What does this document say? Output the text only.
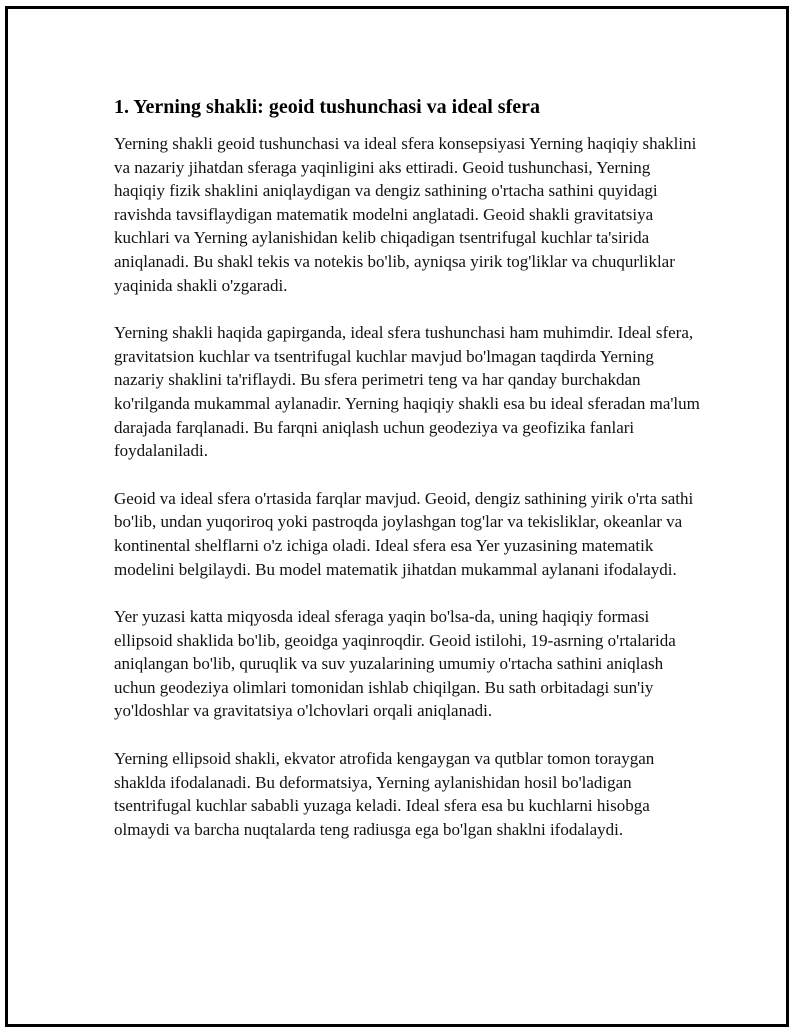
1. Yerning shakli: geoid tushunchasi va ideal sfera

Yerning shakli geoid tushunchasi va ideal sfera konsepsiyasi Yerning haqiqiy shaklini va nazariy jihatdan sferaga yaqinligini aks ettiradi. Geoid tushunchasi, Yerning haqiqiy fizik shaklini aniqlaydigan va dengiz sathining o'rtacha sathini quyidagi ravishda tavsiflaydigan matematik modelni anglatadi. Geoid shakli gravitatsiya kuchlari va Yerning aylanishidan kelib chiqadigan tsentrifugal kuchlar ta'sirida aniqlanadi. Bu shakl tekis va notekis bo'lib, ayniqsa yirik tog'liklar va chuqurliklar yaqinida shakli o'zgaradi.

Yerning shakli haqida gapirganda, ideal sfera tushunchasi ham muhimdir. Ideal sfera, gravitatsion kuchlar va tsentrifugal kuchlar mavjud bo'lmagan taqdirda Yerning nazariy shaklini ta'riflaydi. Bu sfera perimetri teng va har qanday burchakdan ko'rilganda mukammal aylanadir. Yerning haqiqiy shakli esa bu ideal sferadan ma'lum darajada farqlanadi. Bu farqni aniqlash uchun geodeziya va geofizika fanlari foydalaniladi.

Geoid va ideal sfera o'rtasida farqlar mavjud. Geoid, dengiz sathining yirik o'rta sathi bo'lib, undan yuqoriroq yoki pastroqda joylashgan tog'lar va tekisliklar, okeanlar va kontinental shelflarni o'z ichiga oladi. Ideal sfera esa Yer yuzasining matematik modelini belgilaydi. Bu model matematik jihatdan mukammal aylanani ifodalaydi.

Yer yuzasi katta miqyosda ideal sferaga yaqin bo'lsa-da, uning haqiqiy formasi ellipsoid shaklida bo'lib, geoidga yaqinroqdir. Geoid istilohi, 19-asrning o'rtalarida aniqlangan bo'lib, quruqlik va suv yuzalarining umumiy o'rtacha sathini aniqlash uchun geodeziya olimlari tomonidan ishlab chiqilgan. Bu sath orbitadagi sun'iy yo'ldoshlar va gravitatsiya o'lchovlari orqali aniqlanadi.

Yerning ellipsoid shakli, ekvator atrofida kengaygan va qutblar tomon toraygan shaklda ifodalanadi. Bu deformatsiya, Yerning aylanishidan hosil bo'ladigan tsentrifugal kuchlar sababli yuzaga keladi. Ideal sfera esa bu kuchlarni hisobga olmaydi va barcha nuqtalarda teng radiusga ega bo'lgan shaklni ifodalaydi.
